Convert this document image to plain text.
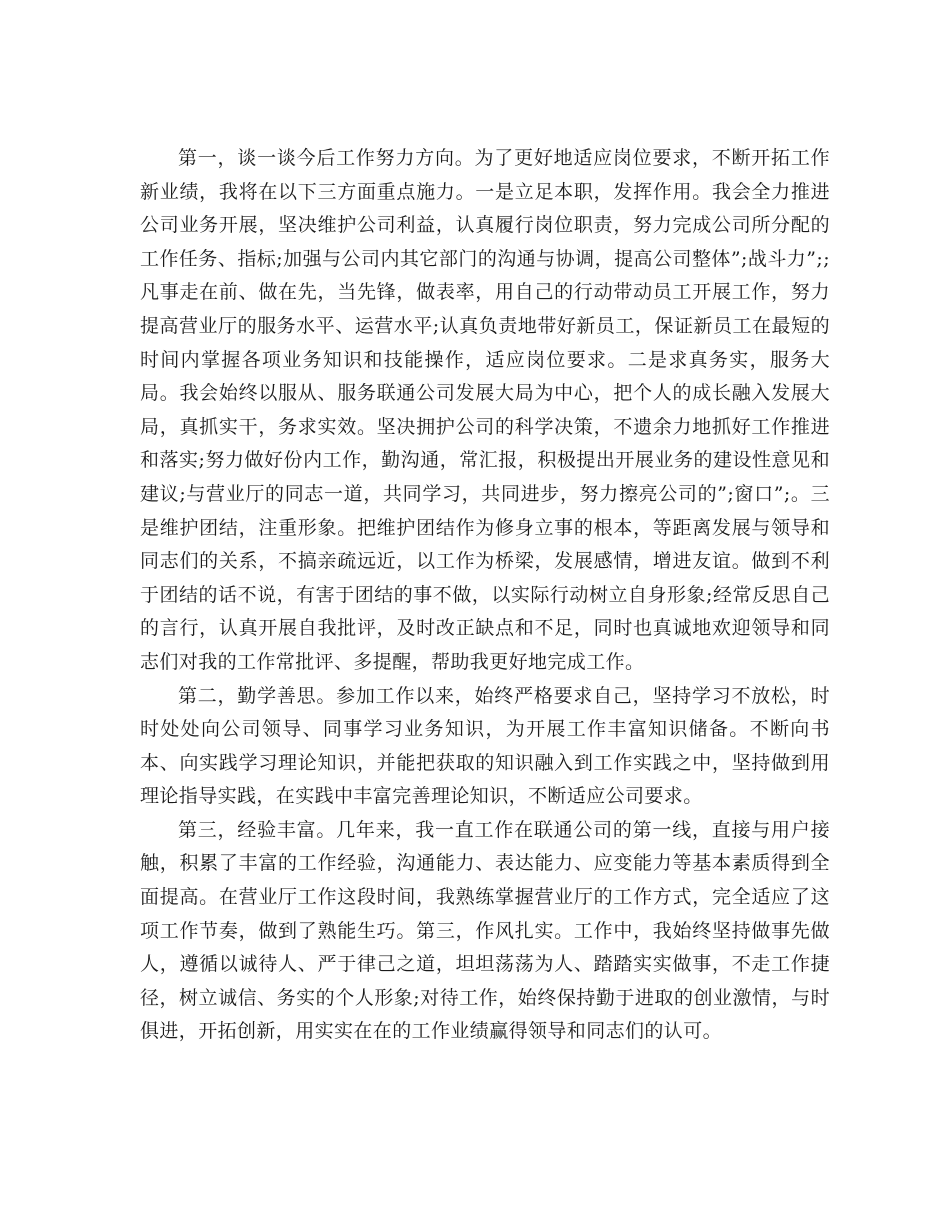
第一，谈一谈今后工作努力方向。为了更好地适应岗位要求，不断开拓工作新业绩，我将在以下三方面重点施力。一是立足本职，发挥作用。我会全力推进公司业务开展，坚决维护公司利益，认真履行岗位职责，努力完成公司所分配的工作任务、指标;加强与公司内其它部门的沟通与协调，提高公司整体”;战斗力”;;凡事走在前、做在先，当先锋，做表率，用自己的行动带动员工开展工作，努力提高营业厅的服务水平、运营水平;认真负责地带好新员工，保证新员工在最短的时间内掌握各项业务知识和技能操作，适应岗位要求。二是求真务实，服务大局。我会始终以服从、服务联通公司发展大局为中心，把个人的成长融入发展大局，真抓实干，务求实效。坚决拥护公司的科学决策，不遗余力地抓好工作推进和落实;努力做好份内工作，勤沟通，常汇报，积极提出开展业务的建设性意见和建议;与营业厅的同志一道，共同学习，共同进步，努力擦亮公司的”;窗口”;。三是维护团结，注重形象。把维护团结作为修身立事的根本，等距离发展与领导和同志们的关系，不搞亲疏远近，以工作为桥梁，发展感情，增进友谊。做到不利于团结的话不说，有害于团结的事不做，以实际行动树立自身形象;经常反思自己的言行，认真开展自我批评，及时改正缺点和不足，同时也真诚地欢迎领导和同志们对我的工作常批评、多提醒，帮助我更好地完成工作。

第二，勤学善思。参加工作以来，始终严格要求自己，坚持学习不放松，时时处处向公司领导、同事学习业务知识，为开展工作丰富知识储备。不断向书本、向实践学习理论知识，并能把获取的知识融入到工作实践之中，坚持做到用理论指导实践，在实践中丰富完善理论知识，不断适应公司要求。

第三，经验丰富。几年来，我一直工作在联通公司的第一线，直接与用户接触，积累了丰富的工作经验，沟通能力、表达能力、应变能力等基本素质得到全面提高。在营业厅工作这段时间，我熟练掌握营业厅的工作方式，完全适应了这项工作节奏，做到了熟能生巧。第三，作风扎实。工作中，我始终坚持做事先做人，遵循以诚待人、严于律己之道，坦坦荡荡为人、踏踏实实做事，不走工作捷径，树立诚信、务实的个人形象;对待工作，始终保持勤于进取的创业激情，与时俱进，开拓创新，用实实在在的工作业绩赢得领导和同志们的认可。
